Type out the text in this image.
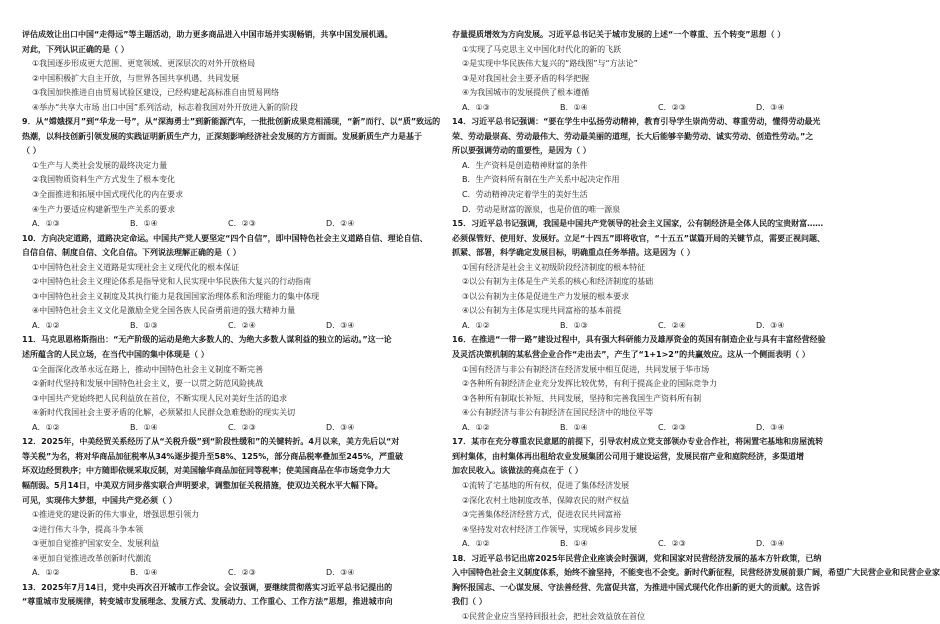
评估成效让出口中国“走得远”等主题活动，助力更多商品进入中国市场并实现畅销，共享中国发展机遇。
对此，下列认识正确的是（ ）
①我国逐步形成更大范围、更宽领域、更深层次的对外开放格局
②中国积极扩大自主开放，与世界各国共享机遇、共同发展
③我国加快推进自由贸易试验区建设，已经构建起高标准自由贸易网络
④举办“共享大市场 出口中国”系列活动，标志着我国对外开放进入新的阶段
9．从“嫦娥探月”到“华龙一号”，从“深海勇士”到新能源汽车，一批批创新成果竞相涌现，“新”而行、以“质”致远的
热潮，以科技创新引领发展的实践证明新质生产力，正深刻影响经济社会发展的方方面面。发展新质生产力是基于
（ ）
①生产与人类社会发展的最终决定力量
②我国物质资料生产方式发生了根本变化
③全面推进和拓展中国式现代化的内在要求
④生产力要适应构建新型生产关系的要求
A．①③	B．①④	C．②③	D．②④
10．方向决定道路，道路决定命运。中国共产党人要坚定“四个自信”，即中国特色社会主义道路自信、理论自信、
自信自信、制度自信、文化自信。下列说法理解正确的是（ ）
①中国特色社会主义道路是实现社会主义现代化的根本保证
②中国特色社会主义理论体系是指导党和人民实现中华民族伟大复兴的行动指南
③中国特色社会主义制度及其执行能力是我国国家治理体系和治理能力的集中体现
④中国特色社会主义文化是激励全党全国各族人民奋勇前进的强大精神力量
A．①②	B．①③	C．②④	D．③④
11．马克思恩格斯指出：“无产阶级的运动是绝大多数人的、为绝大多数人谋利益的独立的运动。”这一论
述所蕴含的人民立场，在当代中国的集中体现是（ ）
①全面深化改革永远在路上，推动中国特色社会主义制度不断完善
②新时代坚持和发展中国特色社会主义，要一以贯之防范风险挑战
③中国共产党始终把人民利益放在首位，不断实现人民对美好生活的追求
④新时代我国社会主要矛盾的化解，必须紧扣人民群众急难愁盼的现实关切
A．①②	B．①④	C．②③	D．③④
12．2025年，中美经贸关系经历了从“关税升级”到“阶段性缓和”的关键转折。4月以来，美方先后以“对
等关税”为名，将对华商品加征税率从34%逐步提升至58%、125%，部分商品税率叠加至245%，严重破
坏双边经贸秩序；中方随即依规采取反制，对美国输华商品加征同等税率；使美国商品在华市场竞争力大
幅削弱。5月14日，中美双方同步落实联合声明要求，调整加征关税措施，使双边关税水平大幅下降。
可见，实现伟大梦想，中国共产党必须（ ）
①推进党的建设新的伟大事业，增强思想引领力
②进行伟大斗争，提高斗争本领
③更加自觉推护国家安全、发展利益
④更加自觉推进改革创新时代潮流
A．①②	B．①④	C．②③	D．③④
13．2025年7月14日，党中央再次召开城市工作会议。会议强调，要继续贯彻落实习近平总书记提出的
“尊重城市发展规律，转变城市发展理念、发展方式、发展动力、工作重心、工作方法”思想，推进城市向
存量提质增效为方向发展。习近平总书记关于城市发展的上述“一个尊重、五个转变”思想（ ）
①实现了马克思主义中国化时代化的新的飞跃
②是实现中华民族伟大复兴的“路线图”与“方法论”
③是对我国社会主要矛盾的科学把握
④为我国城市的发展提供了根本遵循
A．①③	B．①④	C．②③	D．③④
14．习近平总书记强调：“要在学生中弘扬劳动精神，教育引导学生崇尚劳动、尊重劳动，懂得劳动最光
荣、劳动最崇高、劳动最伟大、劳动最美丽的道理，长大后能够辛勤劳动、诚实劳动、创造性劳动。”之
所以要强调劳动的重要性，是因为（ ）
A．生产资料是创造精神财富的条件
B．生产资料所有制在生产关系中起决定作用
C．劳动精神决定着学生的美好生活
D．劳动是财富的源泉，也是价值的唯一源泉
15．习近平总书记强调，我国是中国共产党领导的社会主义国家，公有制经济是全体人民的宝贵财富……
必须保管好、使用好、发展好。立足“十四五”即将收官，“十五五”谋篇开局的关键节点，需要正视问题、
抓紧、部署，科学确定发展目标，明确重点任务举措。这是因为（ ）
①国有经济是社会主义初级阶段经济制度的根本特征
②以公有制为主体是生产关系的核心和经济制度的基础
③以公有制为主体是促进生产力发展的根本要求
④以公有制为主体是实现共同富裕的基本前提
A．①②	B．①③	C．②④	D．③④
16．在推进“一带一路”建设过程中，具有强大科研能力及雄厚资金的英国有制造企业与具有丰富经营经验
及灵活决策机制的某私营企业合作“走出去”，产生了“1+1>2”的共赢效应。这从一个侧面表明（ ）
①国有经济与非公有制经济在经济发展中相互促进，共同发展于华市场
②各种所有制经济企业充分发挥比较优势，有利于提高企业的国际竞争力
③各种所有制取长补短、共同发展，坚持和完善我国生产资料所有制
④公有制经济与非公有制经济在国民经济中的地位平等
A．①②	B．①④	C．②③	D．③④
17．某市在充分尊重农民意愿的前提下，引导农村成立党支部领办专业合作社，将闲置宅基地和房屋流转
到村集体，由村集体再出租给农业发展集团公司用于建设运营，发展民宿产业和庭院经济，多渠道增
加农民收入。该做法的亮点在于（ ）
①流转了宅基地的所有权，促进了集体经济发展
②深化农村土地制度改革，保障农民的财产权益
③完善集体经济经营方式，促进农民共同富裕
④坚持发对农村经济工作领导，实现城乡同步发展
A．①②	B．①④	C．②③	D．③④
18．习近平总书记出席2025年民营企业座谈会时强调，党和国家对民营经济发展的基本方针政策，已纳
入中国特色社会主义制度体系，始终不渝坚持，不能变也不会变。新时代新征程，民营经济发展前景广阔，希望广大民营企业和民营企业家
胸怀报国志、一心谋发展、守法善经营、先富促共富，为推进中国式现代化作出新的更大的贡献。这告诉
我们（ ）
①民营企业应当坚持回报社会，把社会效益放在首位
